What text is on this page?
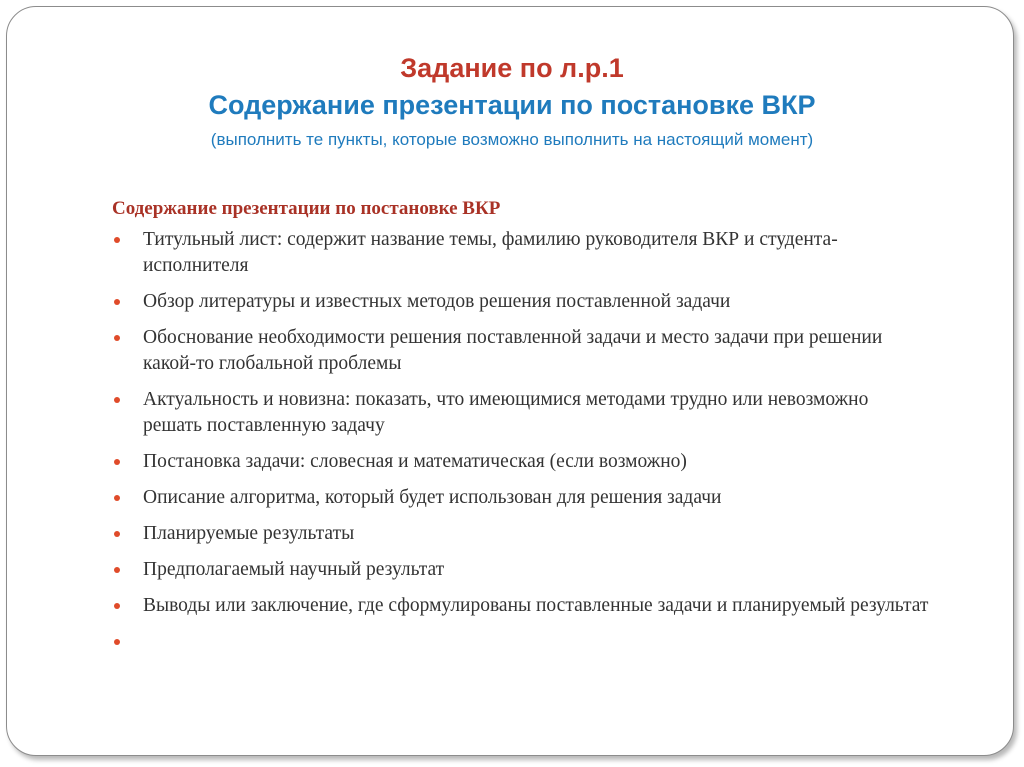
Задание по л.р.1
Содержание презентации по постановке ВКР
(выполнить те пункты, которые возможно выполнить на настоящий момент)
Содержание презентации по постановке ВКР
Титульный лист: содержит название темы, фамилию руководителя ВКР и студента-исполнителя
Обзор литературы и известных методов решения поставленной задачи
Обоснование необходимости решения поставленной задачи и место задачи при решении какой-то глобальной проблемы
Актуальность и новизна: показать, что имеющимися методами трудно или невозможно решать поставленную задачу
Постановка задачи: словесная и математическая (если возможно)
Описание алгоритма, который будет использован для решения задачи
Планируемые результаты
Предполагаемый научный результат
Выводы или заключение, где сформулированы поставленные задачи и планируемый результат
